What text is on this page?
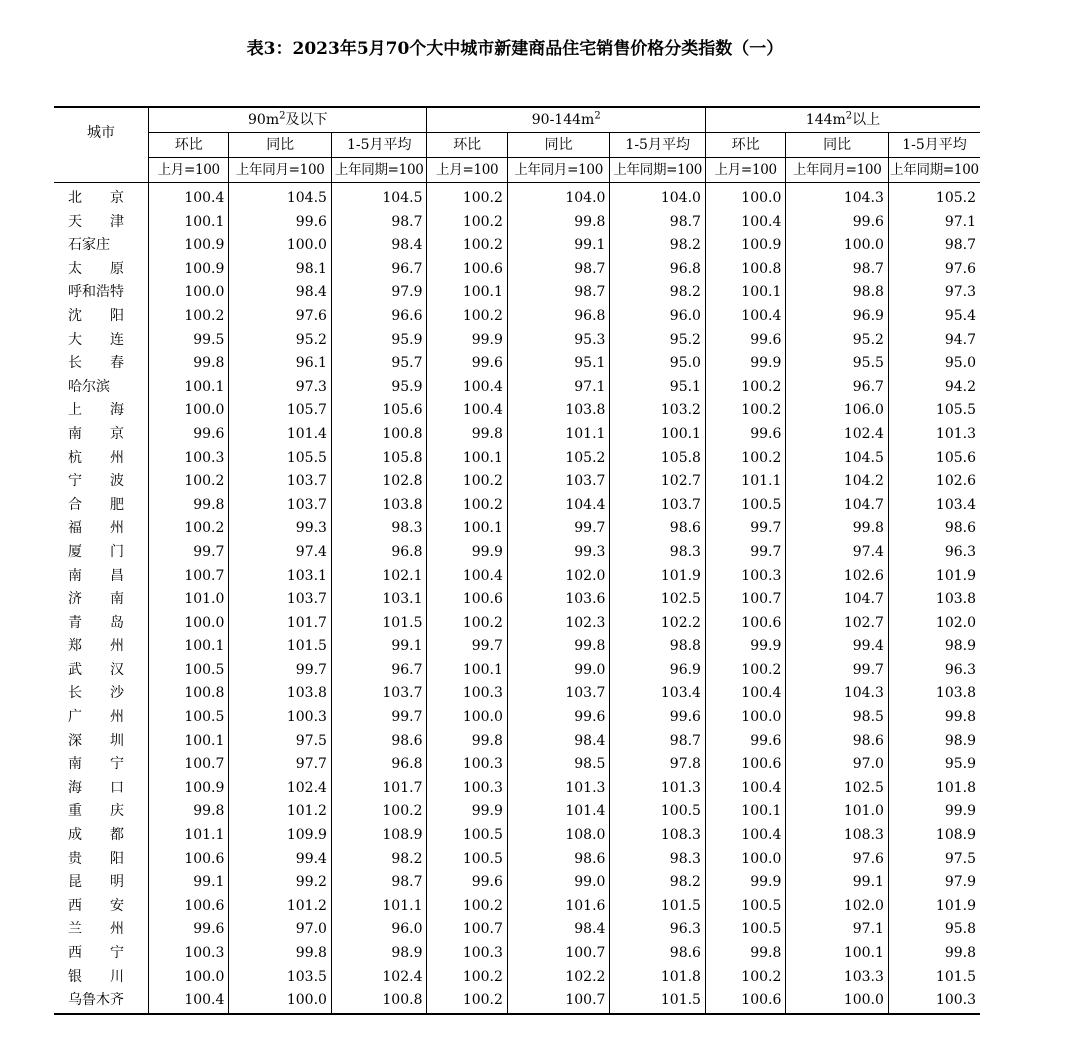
表3：2023年5月70个大中城市新建商品住宅销售价格分类指数（一）
城市	$90m^2$及以下			$90-144m^2$			$144m^2$以上		
	环比	同比	1-5月平均	环比	同比	1-5月平均	环比	同比	1-5月平均
	上月=100	上年同月=100	上年同期=100	上月=100	上年同月=100	上年同期=100	上月=100	上年同月=100	上年同期=100
北　　京	100.4	104.5	104.5	100.2	104.0	104.0	100.0	104.3	105.2
天　　津	100.1	99.6	98.7	100.2	99.8	98.7	100.4	99.6	97.1
石家庄	100.9	100.0	98.4	100.2	99.1	98.2	100.9	100.0	98.7
太　　原	100.9	98.1	96.7	100.6	98.7	96.8	100.8	98.7	97.6
呼和浩特	100.0	98.4	97.9	100.1	98.7	98.2	100.1	98.8	97.3
沈　　阳	100.2	97.6	96.6	100.2	96.8	96.0	100.4	96.9	95.4
大　　连	99.5	95.2	95.9	99.9	95.3	95.2	99.6	95.2	94.7
长　　春	99.8	96.1	95.7	99.6	95.1	95.0	99.9	95.5	95.0
哈尔滨	100.1	97.3	95.9	100.4	97.1	95.1	100.2	96.7	94.2
上　　海	100.0	105.7	105.6	100.4	103.8	103.2	100.2	106.0	105.5
南　　京	99.6	101.4	100.8	99.8	101.1	100.1	99.6	102.4	101.3
杭　　州	100.3	105.5	105.8	100.1	105.2	105.8	100.2	104.5	105.6
宁　　波	100.2	103.7	102.8	100.2	103.7	102.7	101.1	104.2	102.6
合　　肥	99.8	103.7	103.8	100.2	104.4	103.7	100.5	104.7	103.4
福　　州	100.2	99.3	98.3	100.1	99.7	98.6	99.7	99.8	98.6
厦　　门	99.7	97.4	96.8	99.9	99.3	98.3	99.7	97.4	96.3
南　　昌	100.7	103.1	102.1	100.4	102.0	101.9	100.3	102.6	101.9
济　　南	101.0	103.7	103.1	100.6	103.6	102.5	100.7	104.7	103.8
青　　岛	100.0	101.7	101.5	100.2	102.3	102.2	100.6	102.7	102.0
郑　　州	100.1	101.5	99.1	99.7	99.8	98.8	99.9	99.4	98.9
武　　汉	100.5	99.7	96.7	100.1	99.0	96.9	100.2	99.7	96.3
长　　沙	100.8	103.8	103.7	100.3	103.7	103.4	100.4	104.3	103.8
广　　州	100.5	100.3	99.7	100.0	99.6	99.6	100.0	98.5	99.8
深　　圳	100.1	97.5	98.6	99.8	98.4	98.7	99.6	98.6	98.9
南　　宁	100.7	97.7	96.8	100.3	98.5	97.8	100.6	97.0	95.9
海　　口	100.9	102.4	101.7	100.3	101.3	101.3	100.4	102.5	101.8
重　　庆	99.8	101.2	100.2	99.9	101.4	100.5	100.1	101.0	99.9
成　　都	101.1	109.9	108.9	100.5	108.0	108.3	100.4	108.3	108.9
贵　　阳	100.6	99.4	98.2	100.5	98.6	98.3	100.0	97.6	97.5
昆　　明	99.1	99.2	98.7	99.6	99.0	98.2	99.9	99.1	97.9
西　　安	100.6	101.2	101.1	100.2	101.6	101.5	100.5	102.0	101.9
兰　　州	99.6	97.0	96.0	100.7	98.4	96.3	100.5	97.1	95.8
西　　宁	100.3	99.8	98.9	100.3	100.7	98.6	99.8	100.1	99.8
银　　川	100.0	103.5	102.4	100.2	102.2	101.8	100.2	103.3	101.5
乌鲁木齐	100.4	100.0	100.8	100.2	100.7	101.5	100.6	100.0	100.3
